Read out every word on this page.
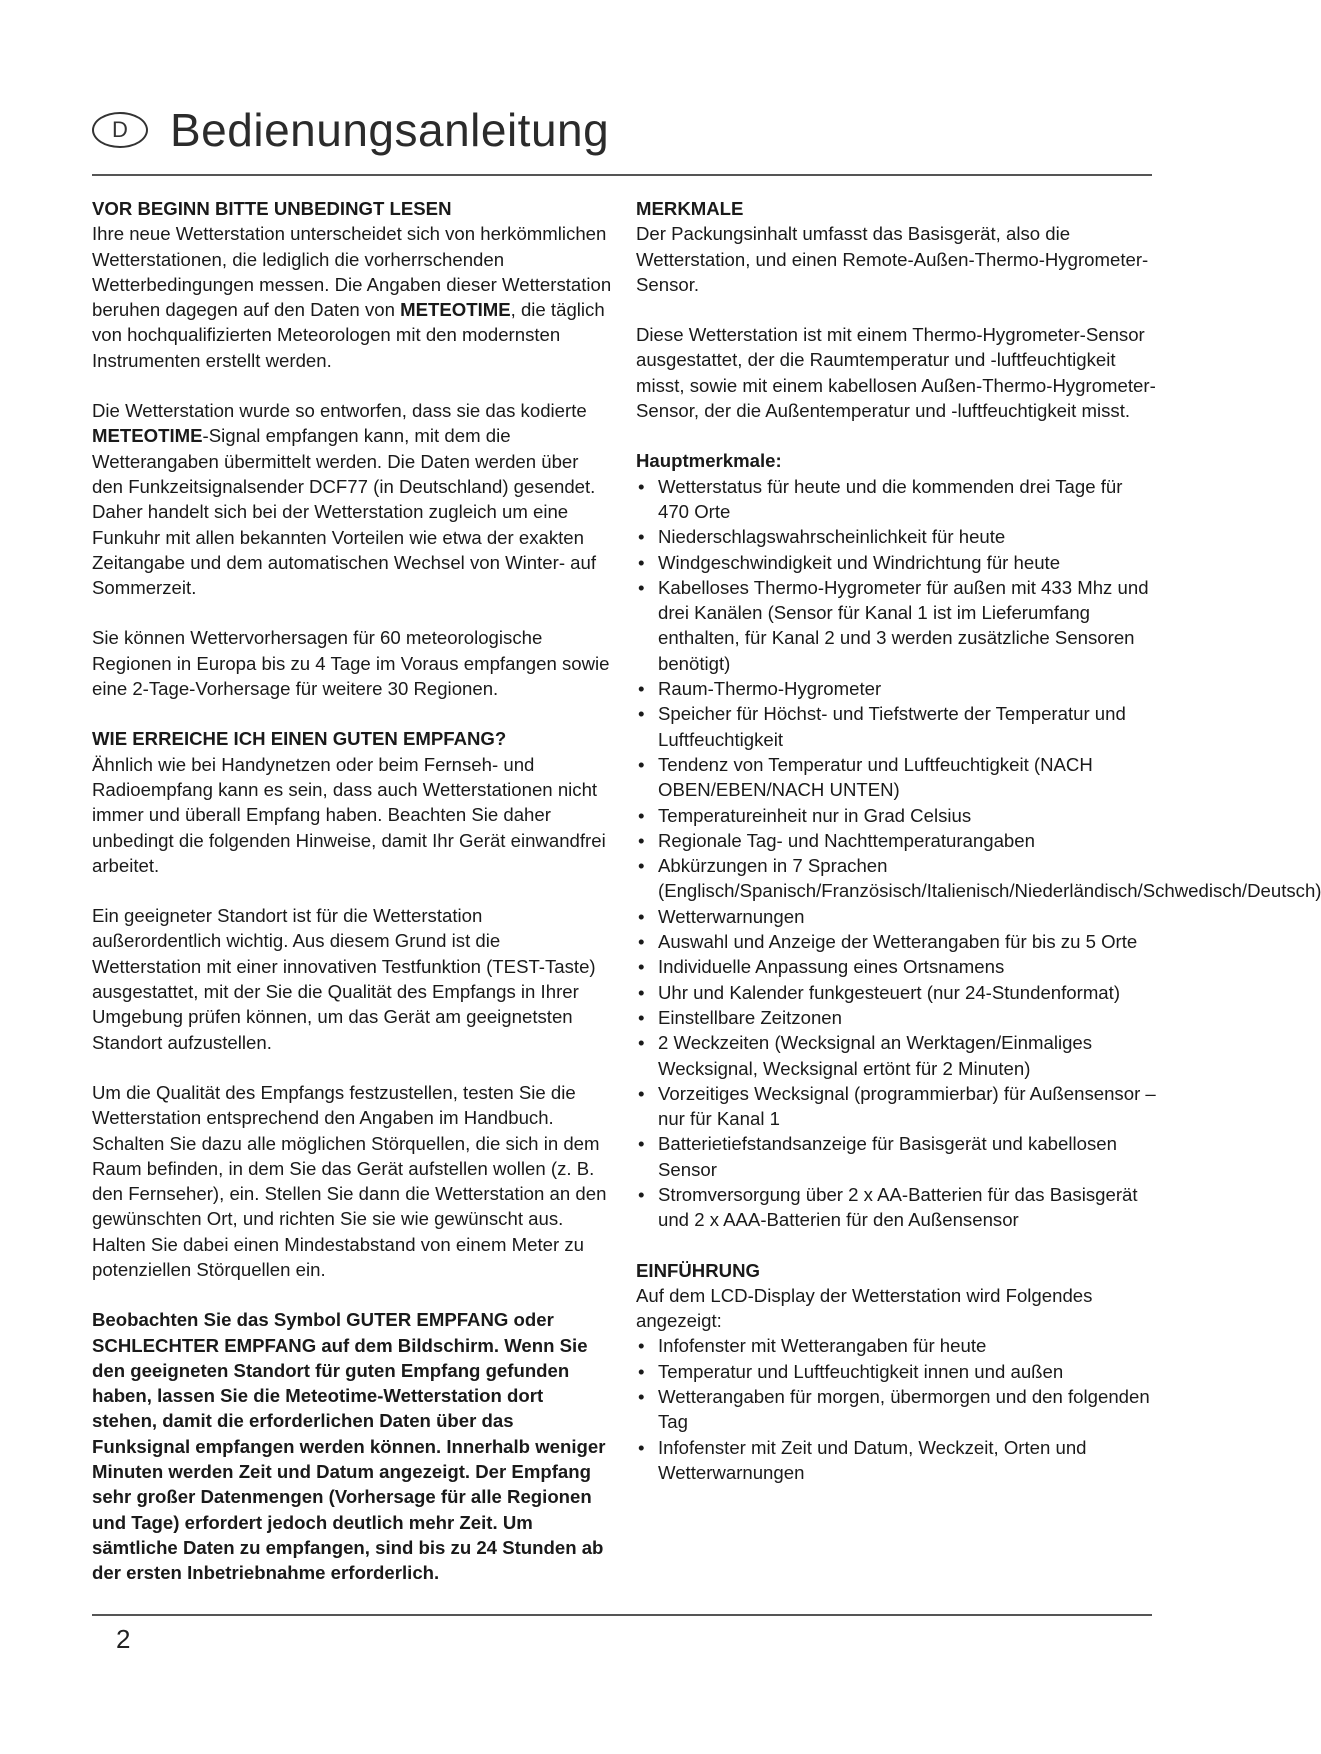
D Bedienungsanleitung
VOR BEGINN BITTE UNBEDINGT LESEN

Ihre neue Wetterstation unterscheidet sich von herkömmlichen Wetterstationen, die lediglich die vorherrschenden Wetterbedingungen messen. Die Angaben dieser Wetterstation beruhen dagegen auf den Daten von METEOTIME, die täglich von hochqualifizierten Meteorologen mit den modernsten Instrumenten erstellt werden.

Die Wetterstation wurde so entworfen, dass sie das kodierte METEOTIME-Signal empfangen kann, mit dem die Wetterangaben übermittelt werden. Die Daten werden über den Funkzeitsignalsender DCF77 (in Deutschland) gesendet. Daher handelt sich bei der Wetterstation zugleich um eine Funkuhr mit allen bekannten Vorteilen wie etwa der exakten Zeitangabe und dem automatischen Wechsel von Winter- auf Sommerzeit.

Sie können Wettervorhersagen für 60 meteorologische Regionen in Europa bis zu 4 Tage im Voraus empfangen sowie eine 2-Tage-Vorhersage für weitere 30 Regionen.

WIE ERREICHE ICH EINEN GUTEN EMPFANG?

Ähnlich wie bei Handynetzen oder beim Fernseh- und Radioempfang kann es sein, dass auch Wetterstationen nicht immer und überall Empfang haben. Beachten Sie daher unbedingt die folgenden Hinweise, damit Ihr Gerät einwandfrei arbeitet.

Ein geeigneter Standort ist für die Wetterstation außerordentlich wichtig. Aus diesem Grund ist die Wetterstation mit einer innovativen Testfunktion (TEST-Taste) ausgestattet, mit der Sie die Qualität des Empfangs in Ihrer Umgebung prüfen können, um das Gerät am geeignetsten Standort aufzustellen.

Um die Qualität des Empfangs festzustellen, testen Sie die Wetterstation entsprechend den Angaben im Handbuch. Schalten Sie dazu alle möglichen Störquellen, die sich in dem Raum befinden, in dem Sie das Gerät aufstellen wollen (z. B. den Fernseher), ein. Stellen Sie dann die Wetterstation an den gewünschten Ort, und richten Sie sie wie gewünscht aus. Halten Sie dabei einen Mindestabstand von einem Meter zu potenziellen Störquellen ein.

Beobachten Sie das Symbol GUTER EMPFANG oder SCHLECHTER EMPFANG auf dem Bildschirm. Wenn Sie den geeigneten Standort für guten Empfang gefunden haben, lassen Sie die Meteotime-Wetterstation dort stehen, damit die erforderlichen Daten über das Funksignal empfangen werden können. Innerhalb weniger Minuten werden Zeit und Datum angezeigt. Der Empfang sehr großer Datenmengen (Vorhersage für alle Regionen und Tage) erfordert jedoch deutlich mehr Zeit. Um sämtliche Daten zu empfangen, sind bis zu 24 Stunden ab der ersten Inbetriebnahme erforderlich.

MERKMALE

Der Packungsinhalt umfasst das Basisgerät, also die Wetterstation, und einen Remote-Außen-Thermo-Hygrometer-Sensor.

Diese Wetterstation ist mit einem Thermo-Hygrometer-Sensor ausgestattet, der die Raumtemperatur und -luftfeuchtigkeit misst, sowie mit einem kabellosen Außen-Thermo-Hygrometer-Sensor, der die Außentemperatur und -luftfeuchtigkeit misst.

Hauptmerkmale:
• Wetterstatus für heute und die kommenden drei Tage für 470 Orte
• Niederschlagswahrscheinlichkeit für heute
• Windgeschwindigkeit und Windrichtung für heute
• Kabelloses Thermo-Hygrometer für außen mit 433 Mhz und drei Kanälen (Sensor für Kanal 1 ist im Lieferumfang enthalten, für Kanal 2 und 3 werden zusätzliche Sensoren benötigt)
• Raum-Thermo-Hygrometer
• Speicher für Höchst- und Tiefstwerte der Temperatur und Luftfeuchtigkeit
• Tendenz von Temperatur und Luftfeuchtigkeit (NACH OBEN/EBEN/NACH UNTEN)
• Temperatureinheit nur in Grad Celsius
• Regionale Tag- und Nachttemperaturangaben
• Abkürzungen in 7 Sprachen (Englisch/Spanisch/Französisch/Italienisch/Niederländisch/Schwedisch/Deutsch)
• Wetterwarnungen
• Auswahl und Anzeige der Wetterangaben für bis zu 5 Orte
• Individuelle Anpassung eines Ortsnamens
• Uhr und Kalender funkgesteuert (nur 24-Stundenformat)
• Einstellbare Zeitzonen
• 2 Weckzeiten (Wecksignal an Werktagen/Einmaliges Wecksignal, Wecksignal ertönt für 2 Minuten)
• Vorzeitiges Wecksignal (programmierbar) für Außensensor – nur für Kanal 1
• Batterietiefstandsanzeige für Basisgerät und kabellosen Sensor
• Stromversorgung über 2 x AA-Batterien für das Basisgerät und 2 x AAA-Batterien für den Außensensor
EINFÜHRUNG

Auf dem LCD-Display der Wetterstation wird Folgendes angezeigt:

• Infofenster mit Wetterangaben für heute
• Temperatur und Luftfeuchtigkeit innen und außen
• Wetterangaben für morgen, übermorgen und den folgenden Tag
• Infofenster mit Zeit und Datum, Weckzeit, Orten und Wetterwarnungen
2
